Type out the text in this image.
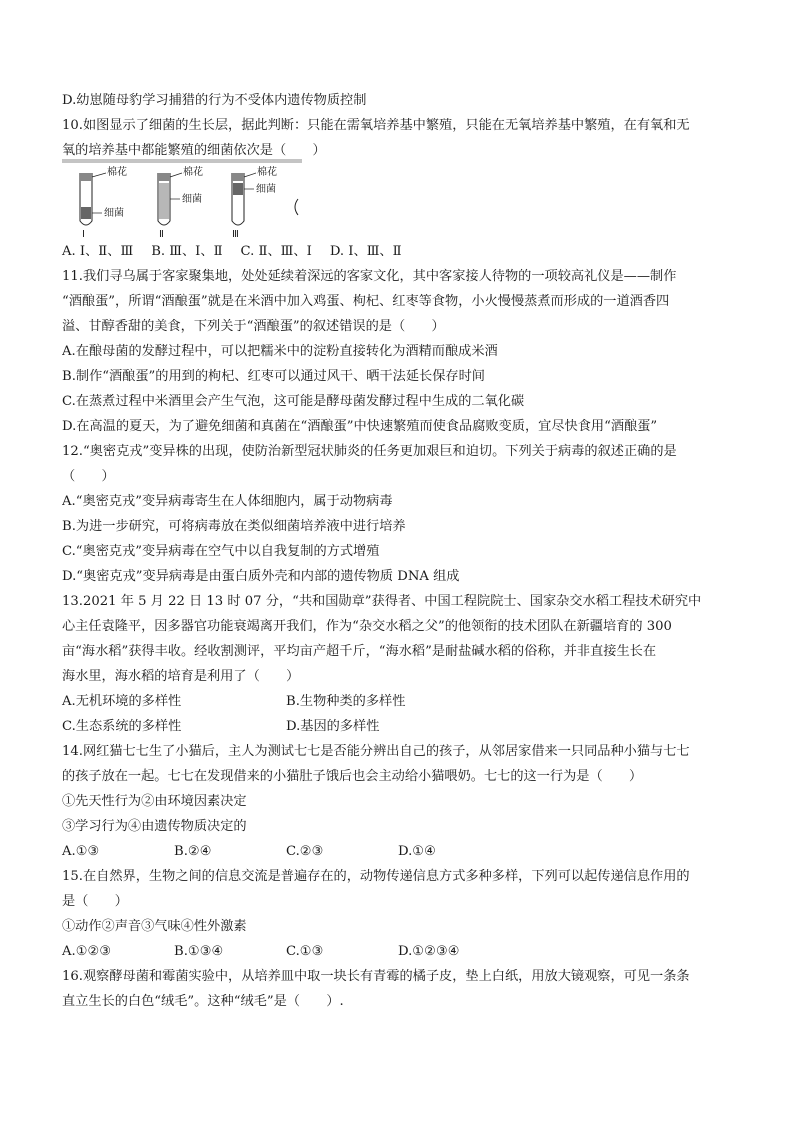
D.幼崽随母豹学习捕猎的行为不受体内遗传物质控制
10.如图显示了细菌的生长层，据此判断：只能在需氧培养基中繁殖，只能在无氧培养基中繁殖，在有氧和无
氧的培养基中都能繁殖的细菌依次是（　　）
棉花
细菌
Ⅰ
棉花
细菌
Ⅱ
棉花
细菌
Ⅲ
A. Ⅰ、Ⅱ、Ⅲ B. Ⅲ、Ⅰ、Ⅱ C. Ⅱ、Ⅲ、Ⅰ D. Ⅰ、Ⅲ、Ⅱ
11.我们寻乌属于客家聚集地，处处延续着深远的客家文化，其中客家接人待物的一项较高礼仪是——制作
“酒酿蛋”，所谓“酒酿蛋”就是在米酒中加入鸡蛋、枸杞、红枣等食物，小火慢慢蒸煮而形成的一道酒香四
溢、甘醇香甜的美食，下列关于“酒酿蛋”的叙述错误的是（　　）
A.在酿母菌的发酵过程中，可以把糯米中的淀粉直接转化为酒精而酿成米酒
B.制作“酒酿蛋”的用到的枸杞、红枣可以通过风干、晒干法延长保存时间
C.在蒸煮过程中米酒里会产生气泡，这可能是酵母菌发酵过程中生成的二氧化碳
D.在高温的夏天，为了避免细菌和真菌在“酒酿蛋”中快速繁殖而使食品腐败变质，宜尽快食用“酒酿蛋”
12.“奥密克戎”变异株的出现，使防治新型冠状肺炎的任务更加艰巨和迫切。下列关于病毒的叙述正确的是
（　　）
A.“奥密克戎”变异病毒寄生在人体细胞内，属于动物病毒
B.为进一步研究，可将病毒放在类似细菌培养液中进行培养
C.“奥密克戎”变异病毒在空气中以自我复制的方式增殖
D.“奥密克戎”变异病毒是由蛋白质外壳和内部的遗传物质 DNA 组成
13.2021 年 5 月 22 日 13 时 07 分，“共和国勋章”获得者、中国工程院院士、国家杂交水稻工程技术研究中
心主任袁隆平，因多器官功能衰竭离开我们，作为“杂交水稻之父”的他领衔的技术团队在新疆培育的 300
亩“海水稻”获得丰收。经收割测评，平均亩产超千斤，“海水稻”是耐盐碱水稻的俗称，并非直接生长在
海水里，海水稻的培育是利用了（　　）
A.无机环境的多样性	B.生物种类的多样性
C.生态系统的多样性	D.基因的多样性
14.网红猫七七生了小猫后，主人为测试七七是否能分辨出自己的孩子，从邻居家借来一只同品种小猫与七七
的孩子放在一起。七七在发现借来的小猫肚子饿后也会主动给小猫喂奶。七七的这一行为是（　　）
①先天性行为②由环境因素决定
③学习行为④由遗传物质决定的
A.①③	B.②④	C.②③	D.①④
15.在自然界，生物之间的信息交流是普遍存在的，动物传递信息方式多种多样，下列可以起传递信息作用的
是（　　）
①动作②声音③气味④性外激素
A.①②③	B.①③④	C.①③	D.①②③④
16.观察酵母菌和霉菌实验中，从培养皿中取一块长有青霉的橘子皮，垫上白纸，用放大镜观察，可见一条条
直立生长的白色“绒毛”。这种“绒毛”是（　　）.
